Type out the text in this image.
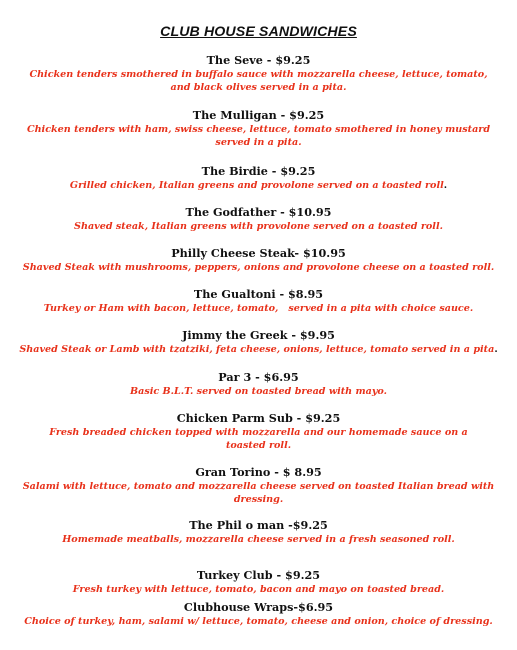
CLUB HOUSE SANDWICHES
The Seve - $9.25
Chicken tenders smothered in buffalo sauce with mozzarella cheese, lettuce, tomato, and black olives served in a pita.
The Mulligan - $9.25
Chicken tenders with ham, swiss cheese, lettuce, tomato smothered in honey mustard served in a pita.
The Birdie - $9.25
Grilled chicken, Italian greens and provolone served on a toasted roll.
The Godfather - $10.95
Shaved steak, Italian greens with provolone served on a toasted roll.
Philly Cheese Steak- $10.95
Shaved Steak with mushrooms, peppers, onions and provolone cheese on a toasted roll.
The Gualtoni - $8.95
Turkey or Ham with bacon, lettuce, tomato,   served in a pita with choice sauce.
Jimmy the Greek - $9.95
Shaved Steak or Lamb with tzatziki, feta cheese, onions, lettuce, tomato served in a pita.
Par 3 - $6.95
Basic B.L.T. served on toasted bread with mayo.
Chicken Parm Sub - $9.25
Fresh breaded chicken topped with mozzarella and our homemade sauce on a toasted roll.
Gran Torino - $ 8.95
Salami with lettuce, tomato and mozzarella cheese served on toasted Italian bread with dressing.
The Phil o man -$9.25
Homemade meatballs, mozzarella cheese served in a fresh seasoned roll.
Turkey Club - $9.25
Fresh turkey with lettuce, tomato, bacon and mayo on toasted bread.
Clubhouse Wraps-$6.95
Choice of turkey, ham, salami w/ lettuce, tomato, cheese and onion, choice of dressing.
